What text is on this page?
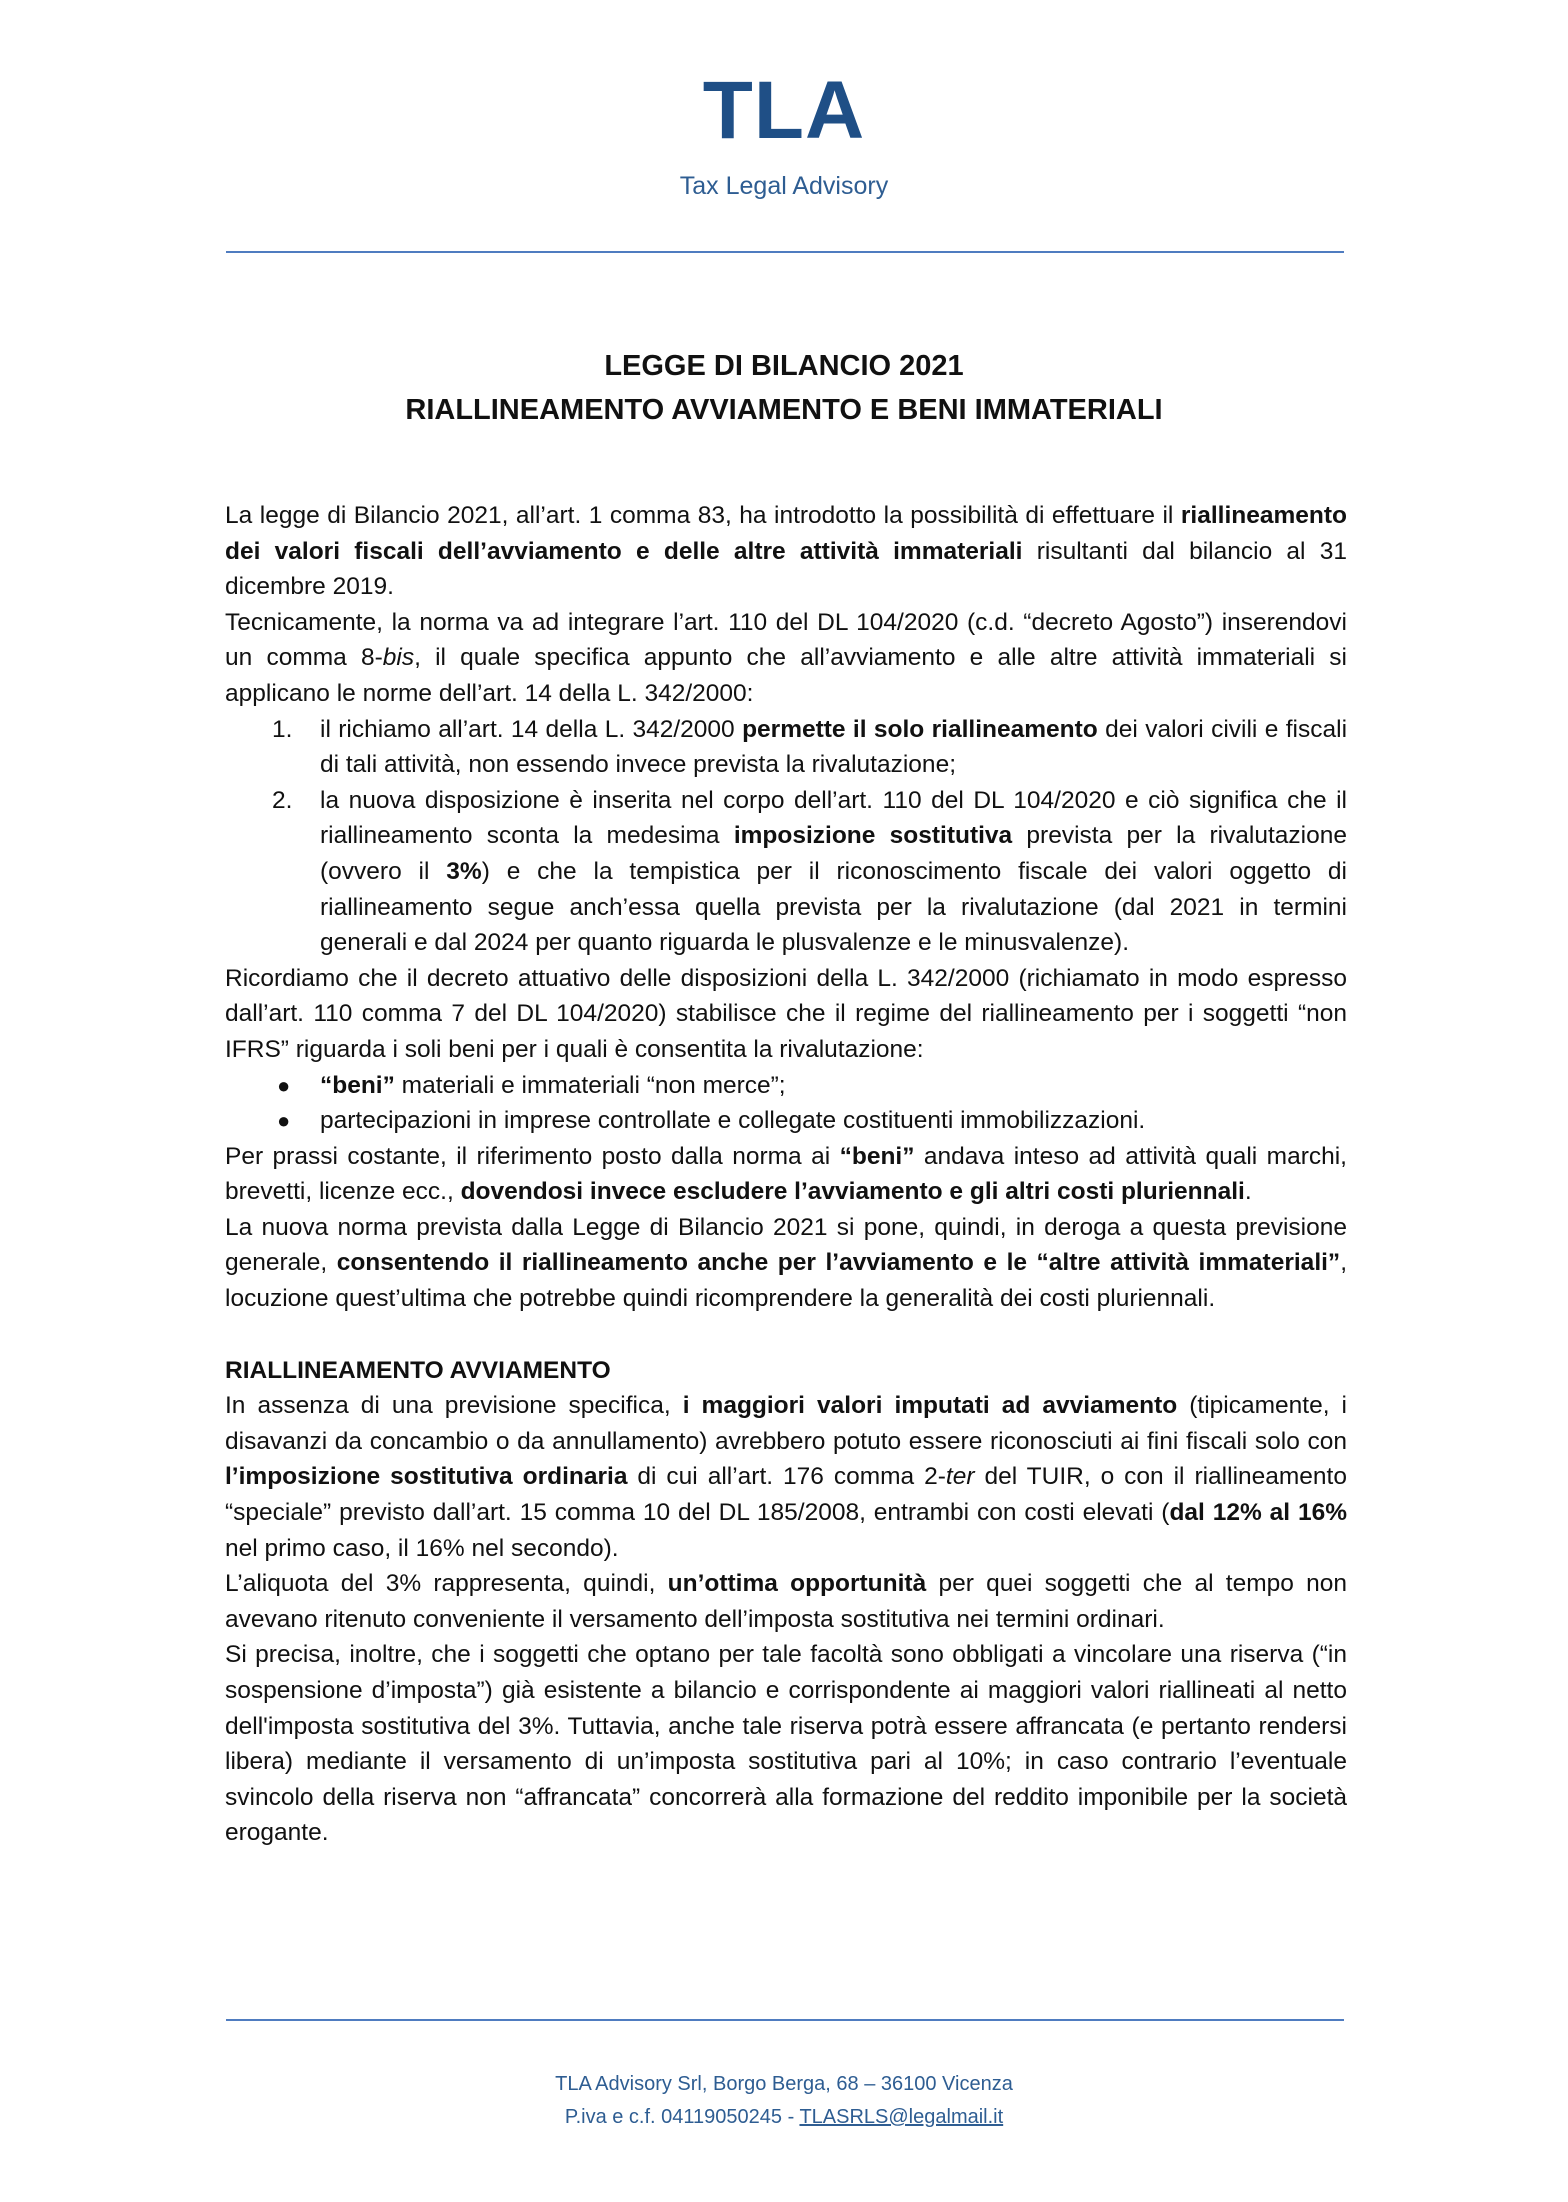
TLA
Tax Legal Advisory
LEGGE DI BILANCIO 2021
RIALLINEAMENTO AVVIAMENTO E BENI IMMATERIALI

La legge di Bilancio 2021, all’art. 1 comma 83, ha introdotto la possibilità di effettuare il riallineamento dei valori fiscali dell’avviamento e delle altre attività immateriali risultanti dal bilancio al 31 dicembre 2019.

Tecnicamente, la norma va ad integrare l’art. 110 del DL 104/2020 (c.d. “decreto Agosto”) inserendovi un comma 8-bis, il quale specifica appunto che all’avviamento e alle altre attività immateriali si applicano le norme dell’art. 14 della L. 342/2000:

1. il richiamo all’art. 14 della L. 342/2000 permette il solo riallineamento dei valori civili e fiscali di tali attività, non essendo invece prevista la rivalutazione;
2. la nuova disposizione è inserita nel corpo dell’art. 110 del DL 104/2020 e ciò significa che il riallineamento sconta la medesima imposizione sostitutiva prevista per la rivalutazione (ovvero il 3%) e che la tempistica per il riconoscimento fiscale dei valori oggetto di riallineamento segue anch’essa quella prevista per la rivalutazione (dal 2021 in termini generali e dal 2024 per quanto riguarda le plusvalenze e le minusvalenze).

Ricordiamo che il decreto attuativo delle disposizioni della L. 342/2000 (richiamato in modo espresso dall’art. 110 comma 7 del DL 104/2020) stabilisce che il regime del riallineamento per i soggetti “non IFRS” riguarda i soli beni per i quali è consentita la rivalutazione:

● “beni” materiali e immateriali “non merce”;
● partecipazioni in imprese controllate e collegate costituenti immobilizzazioni.

Per prassi costante, il riferimento posto dalla norma ai “beni” andava inteso ad attività quali marchi, brevetti, licenze ecc., dovendosi invece escludere l’avviamento e gli altri costi pluriennali.

La nuova norma prevista dalla Legge di Bilancio 2021 si pone, quindi, in deroga a questa previsione generale, consentendo il riallineamento anche per l’avviamento e le “altre attività immateriali”, locuzione quest’ultima che potrebbe quindi ricomprendere la generalità dei costi pluriennali.

RIALLINEAMENTO AVVIAMENTO

In assenza di una previsione specifica, i maggiori valori imputati ad avviamento (tipicamente, i disavanzi da concambio o da annullamento) avrebbero potuto essere riconosciuti ai fini fiscali solo con l’imposizione sostitutiva ordinaria di cui all’art. 176 comma 2-ter del TUIR, o con il riallineamento “speciale” previsto dall’art. 15 comma 10 del DL 185/2008, entrambi con costi elevati (dal 12% al 16% nel primo caso, il 16% nel secondo).

L’aliquota del 3% rappresenta, quindi, un’ottima opportunità per quei soggetti che al tempo non avevano ritenuto conveniente il versamento dell’imposta sostitutiva nei termini ordinari.

Si precisa, inoltre, che i soggetti che optano per tale facoltà sono obbligati a vincolare una riserva (“in sospensione d’imposta”) già esistente a bilancio e corrispondente ai maggiori valori riallineati al netto dell'imposta sostitutiva del 3%. Tuttavia, anche tale riserva potrà essere affrancata (e pertanto rendersi libera) mediante il versamento di un’imposta sostitutiva pari al 10%; in caso contrario l’eventuale svincolo della riserva non “affrancata” concorrerà alla formazione del reddito imponibile per la società erogante.

TLA Advisory Srl, Borgo Berga, 68 – 36100 Vicenza
P.iva e c.f. 04119050245 - TLASRLS@legalmail.it
